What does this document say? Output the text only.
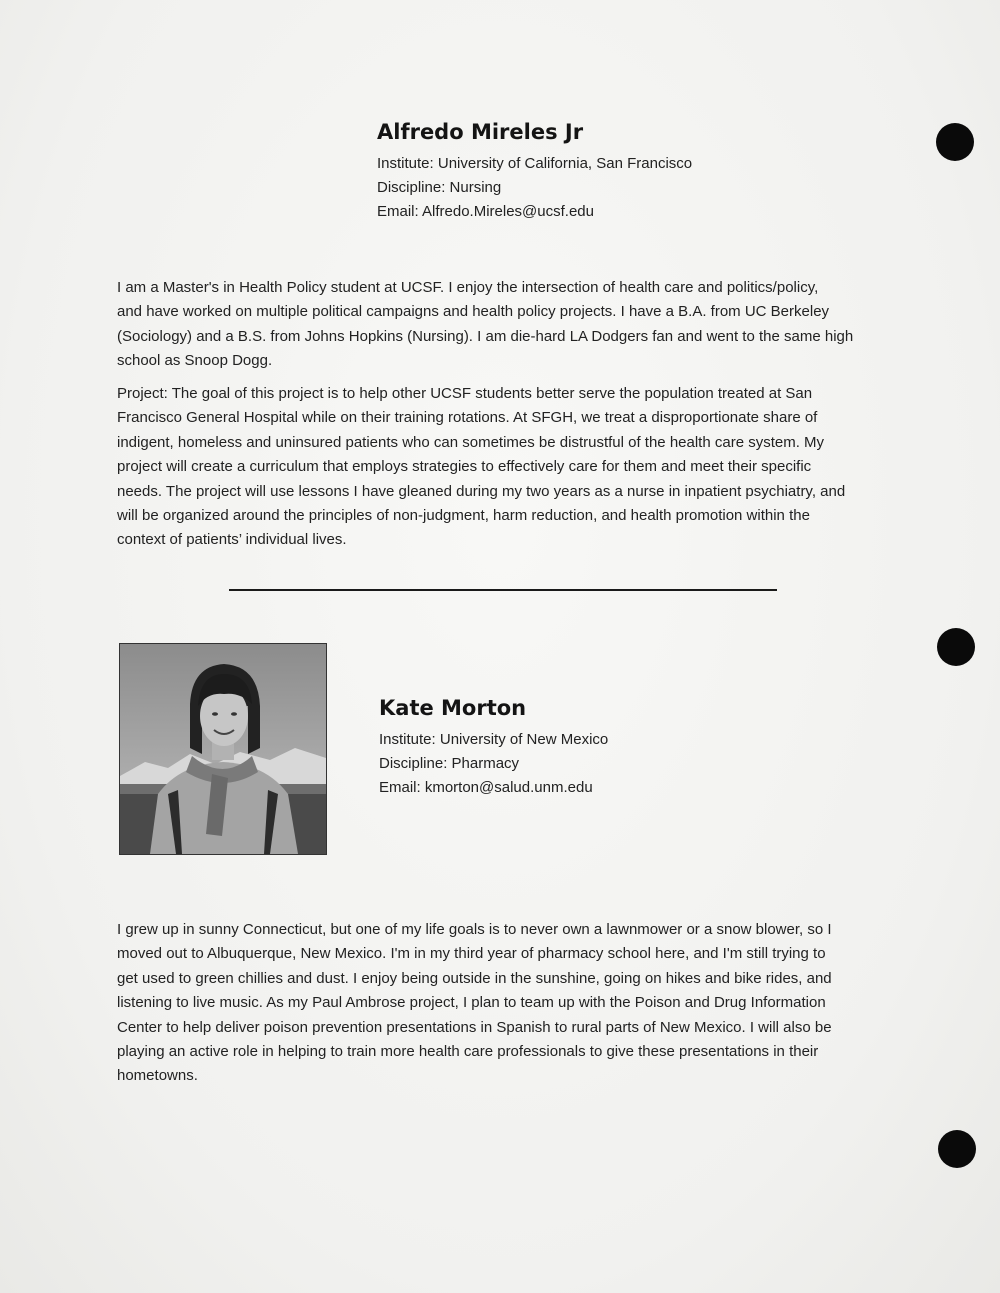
Alfredo Mireles Jr
Institute: University of California, San Francisco
Discipline: Nursing
Email: Alfredo.Mireles@ucsf.edu

I am a Master's in Health Policy student at UCSF. I enjoy the intersection of health care and politics/policy,
and have worked on multiple political campaigns and health policy projects. I have a B.A. from UC Berkeley
(Sociology) and a B.S. from Johns Hopkins (Nursing). I am die-hard LA Dodgers fan and went to the same high
school as Snoop Dogg.

Project: The goal of this project is to help other UCSF students better serve the population treated at San
Francisco General Hospital while on their training rotations. At SFGH, we treat a disproportionate share of
indigent, homeless and uninsured patients who can sometimes be distrustful of the health care system. My
project will create a curriculum that employs strategies to effectively care for them and meet their specific
needs. The project will use lessons I have gleaned during my two years as a nurse in inpatient psychiatry, and
will be organized around the principles of non-judgment, harm reduction, and health promotion within the
context of patients’ individual lives.

Kate Morton
Institute: University of New Mexico
Discipline: Pharmacy
Email: kmorton@salud.unm.edu

I grew up in sunny Connecticut, but one of my life goals is to never own a lawnmower or a snow blower, so I
moved out to Albuquerque, New Mexico. I'm in my third year of pharmacy school here, and I'm still trying to
get used to green chillies and dust. I enjoy being outside in the sunshine, going on hikes and bike rides, and
listening to live music. As my Paul Ambrose project, I plan to team up with the Poison and Drug Information
Center to help deliver poison prevention presentations in Spanish to rural parts of New Mexico. I will also be
playing an active role in helping to train more health care professionals to give these presentations in their
hometowns.
